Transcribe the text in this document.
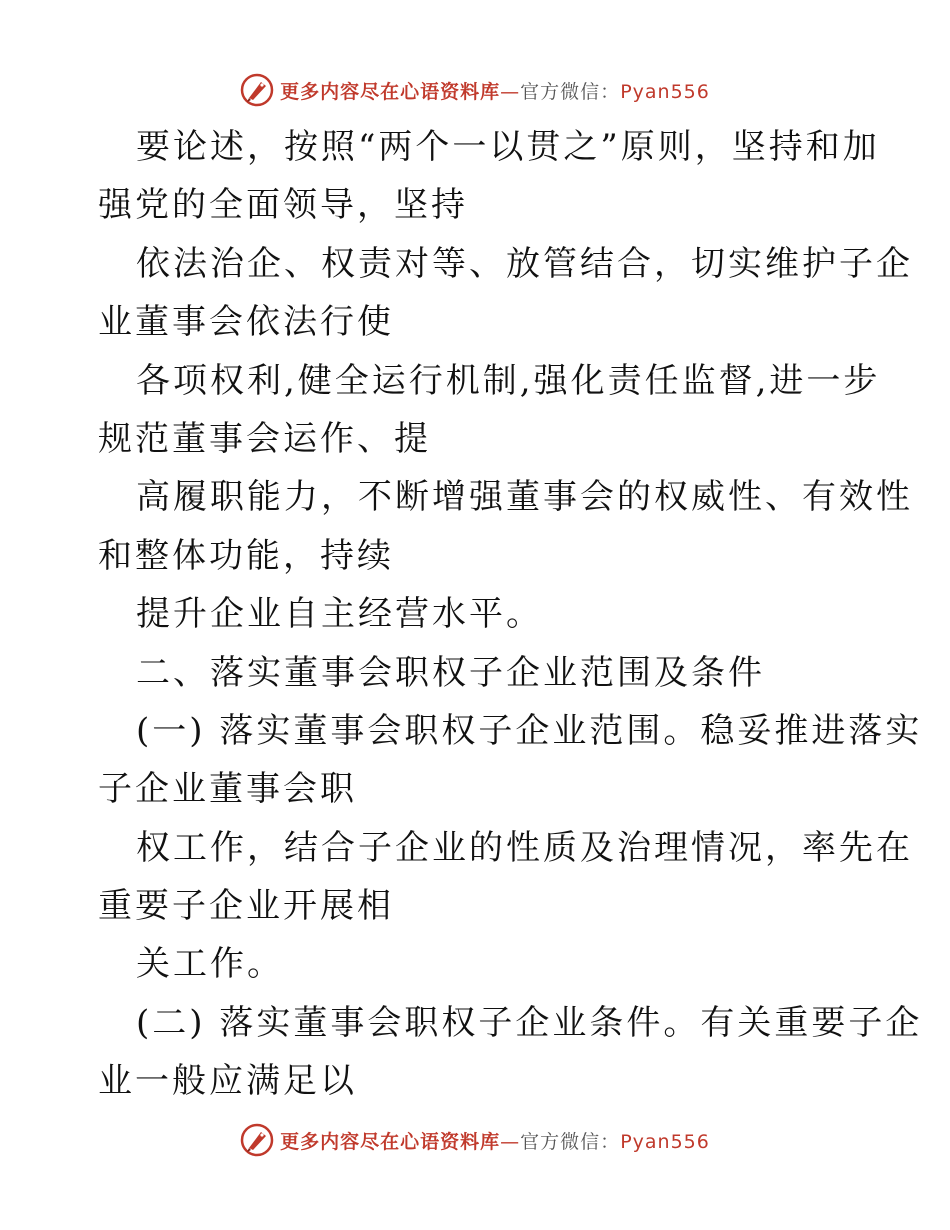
更多内容尽在心语资料库—官方微信：Pyan556
要论述，按照“两个一以贯之”原则，坚持和加
强党的全面领导，坚持
依法治企、权责对等、放管结合，切实维护子企
业董事会依法行使
各项权利,健全运行机制,强化责任监督,进一步
规范董事会运作、提
高履职能力，不断增强董事会的权威性、有效性
和整体功能，持续
提升企业自主经营水平。
二、落实董事会职权子企业范围及条件
(一) 落实董事会职权子企业范围。稳妥推进落实
子企业董事会职
权工作，结合子企业的性质及治理情况，率先在
重要子企业开展相
关工作。
(二) 落实董事会职权子企业条件。有关重要子企
业一般应满足以
更多内容尽在心语资料库—官方微信：Pyan556
